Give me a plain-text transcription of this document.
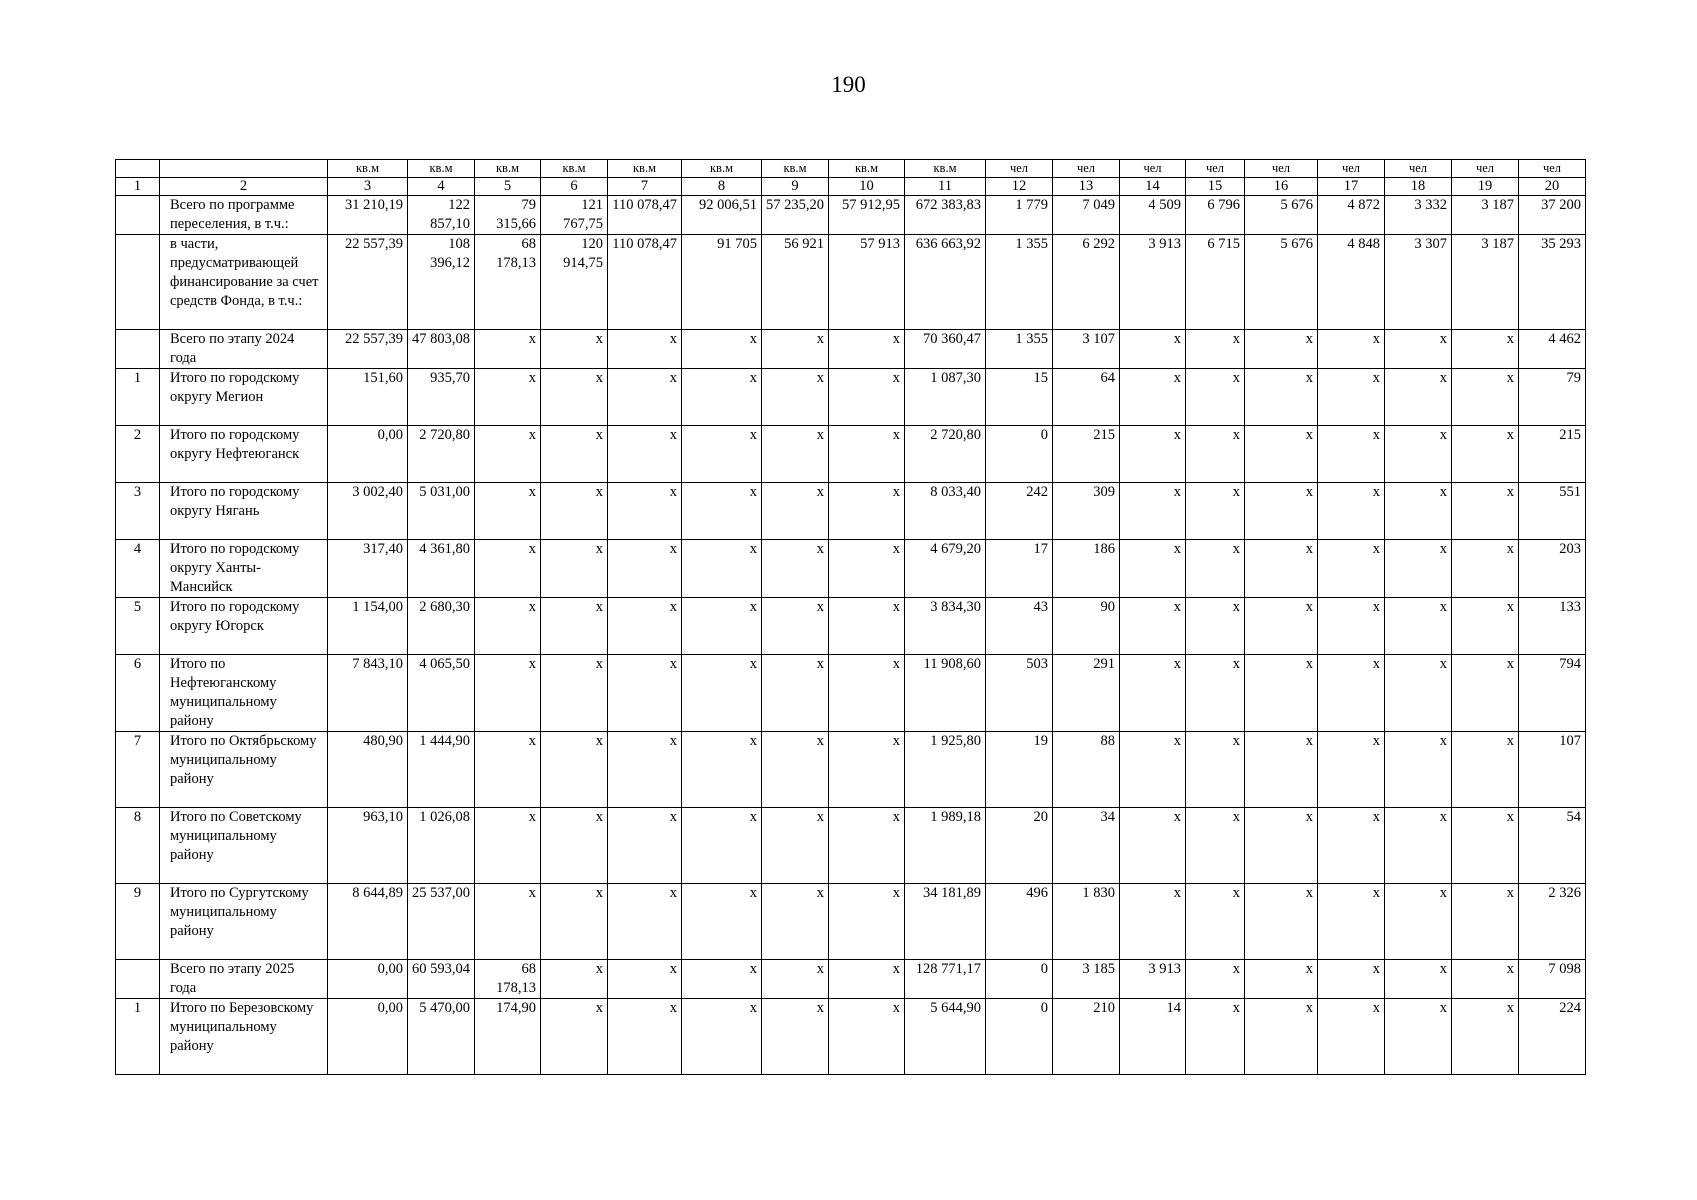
190
		кв.м	кв.м	кв.м	кв.м	кв.м	кв.м	кв.м	кв.м	кв.м	чел	чел	чел	чел	чел	чел	чел	чел	чел
1	2	3	4	5	6	7	8	9	10	11	12	13	14	15	16	17	18	19	20
	Всего по программе переселения, в т.ч.:	31 210,19	122 857,10	79 315,66	121 767,75	110 078,47	92 006,51	57 235,20	57 912,95	672 383,83	1 779	7 049	4 509	6 796	5 676	4 872	3 332	3 187	37 200
	в части, предусматривающей финансирование за счет средств Фонда, в т.ч.:	22 557,39	108 396,12	68 178,13	120 914,75	110 078,47	91 705	56 921	57 913	636 663,92	1 355	6 292	3 913	6 715	5 676	4 848	3 307	3 187	35 293
	Всего по этапу 2024 года	22 557,39	47 803,08	x	x	x	x	x	x	70 360,47	1 355	3 107	x	x	x	x	x	x	4 462
1	Итого по городскому округу Мегион	151,60	935,70	x	x	x	x	x	x	1 087,30	15	64	x	x	x	x	x	x	79
2	Итого по городскому округу Нефтеюганск	0,00	2 720,80	x	x	x	x	x	x	2 720,80	0	215	x	x	x	x	x	x	215
3	Итого по городскому округу Нягань	3 002,40	5 031,00	x	x	x	x	x	x	8 033,40	242	309	x	x	x	x	x	x	551
4	Итого по городскому округу Ханты-Мансийск	317,40	4 361,80	x	x	x	x	x	x	4 679,20	17	186	x	x	x	x	x	x	203
5	Итого по городскому округу Югорск	1 154,00	2 680,30	x	x	x	x	x	x	3 834,30	43	90	x	x	x	x	x	x	133
6	Итого по Нефтеюганскому муниципальному району	7 843,10	4 065,50	x	x	x	x	x	x	11 908,60	503	291	x	x	x	x	x	x	794
7	Итого по Октябрьскому муниципальному району	480,90	1 444,90	x	x	x	x	x	x	1 925,80	19	88	x	x	x	x	x	x	107
8	Итого по Советскому муниципальному району	963,10	1 026,08	x	x	x	x	x	x	1 989,18	20	34	x	x	x	x	x	x	54
9	Итого по Сургутскому муниципальному району	8 644,89	25 537,00	x	x	x	x	x	x	34 181,89	496	1 830	x	x	x	x	x	x	2 326
	Всего по этапу 2025 года	0,00	60 593,04	68 178,13	x	x	x	x	x	128 771,17	0	3 185	3 913	x	x	x	x	x	7 098
1	Итого по Березовскому муниципальному району	0,00	5 470,00	174,90	x	x	x	x	x	5 644,90	0	210	14	x	x	x	x	x	224
